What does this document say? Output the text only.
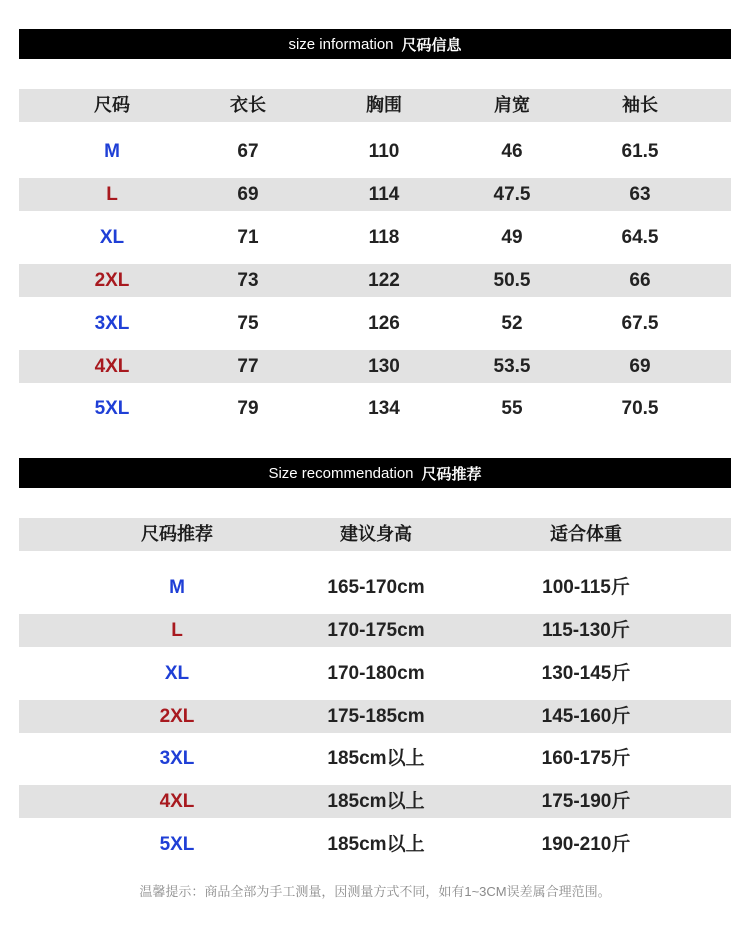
size information 尺码信息
尺码	衣长	胸围	肩宽	袖长
M	67	110	46	61.5
L	69	114	47.5	63
XL	71	118	49	64.5
2XL	73	122	50.5	66
3XL	75	126	52	67.5
4XL	77	130	53.5	69
5XL	79	134	55	70.5
Size recommendation 尺码推荐
尺码推荐	建议身高	适合体重
M	165-170cm	100-115斤
L	170-175cm	115-130斤
XL	170-180cm	130-145斤
2XL	175-185cm	145-160斤
3XL	185cm以上	160-175斤
4XL	185cm以上	175-190斤
5XL	185cm以上	190-210斤
温馨提示：商品全部为手工测量，因测量方式不同，如有1~3CM误差属合理范围。
